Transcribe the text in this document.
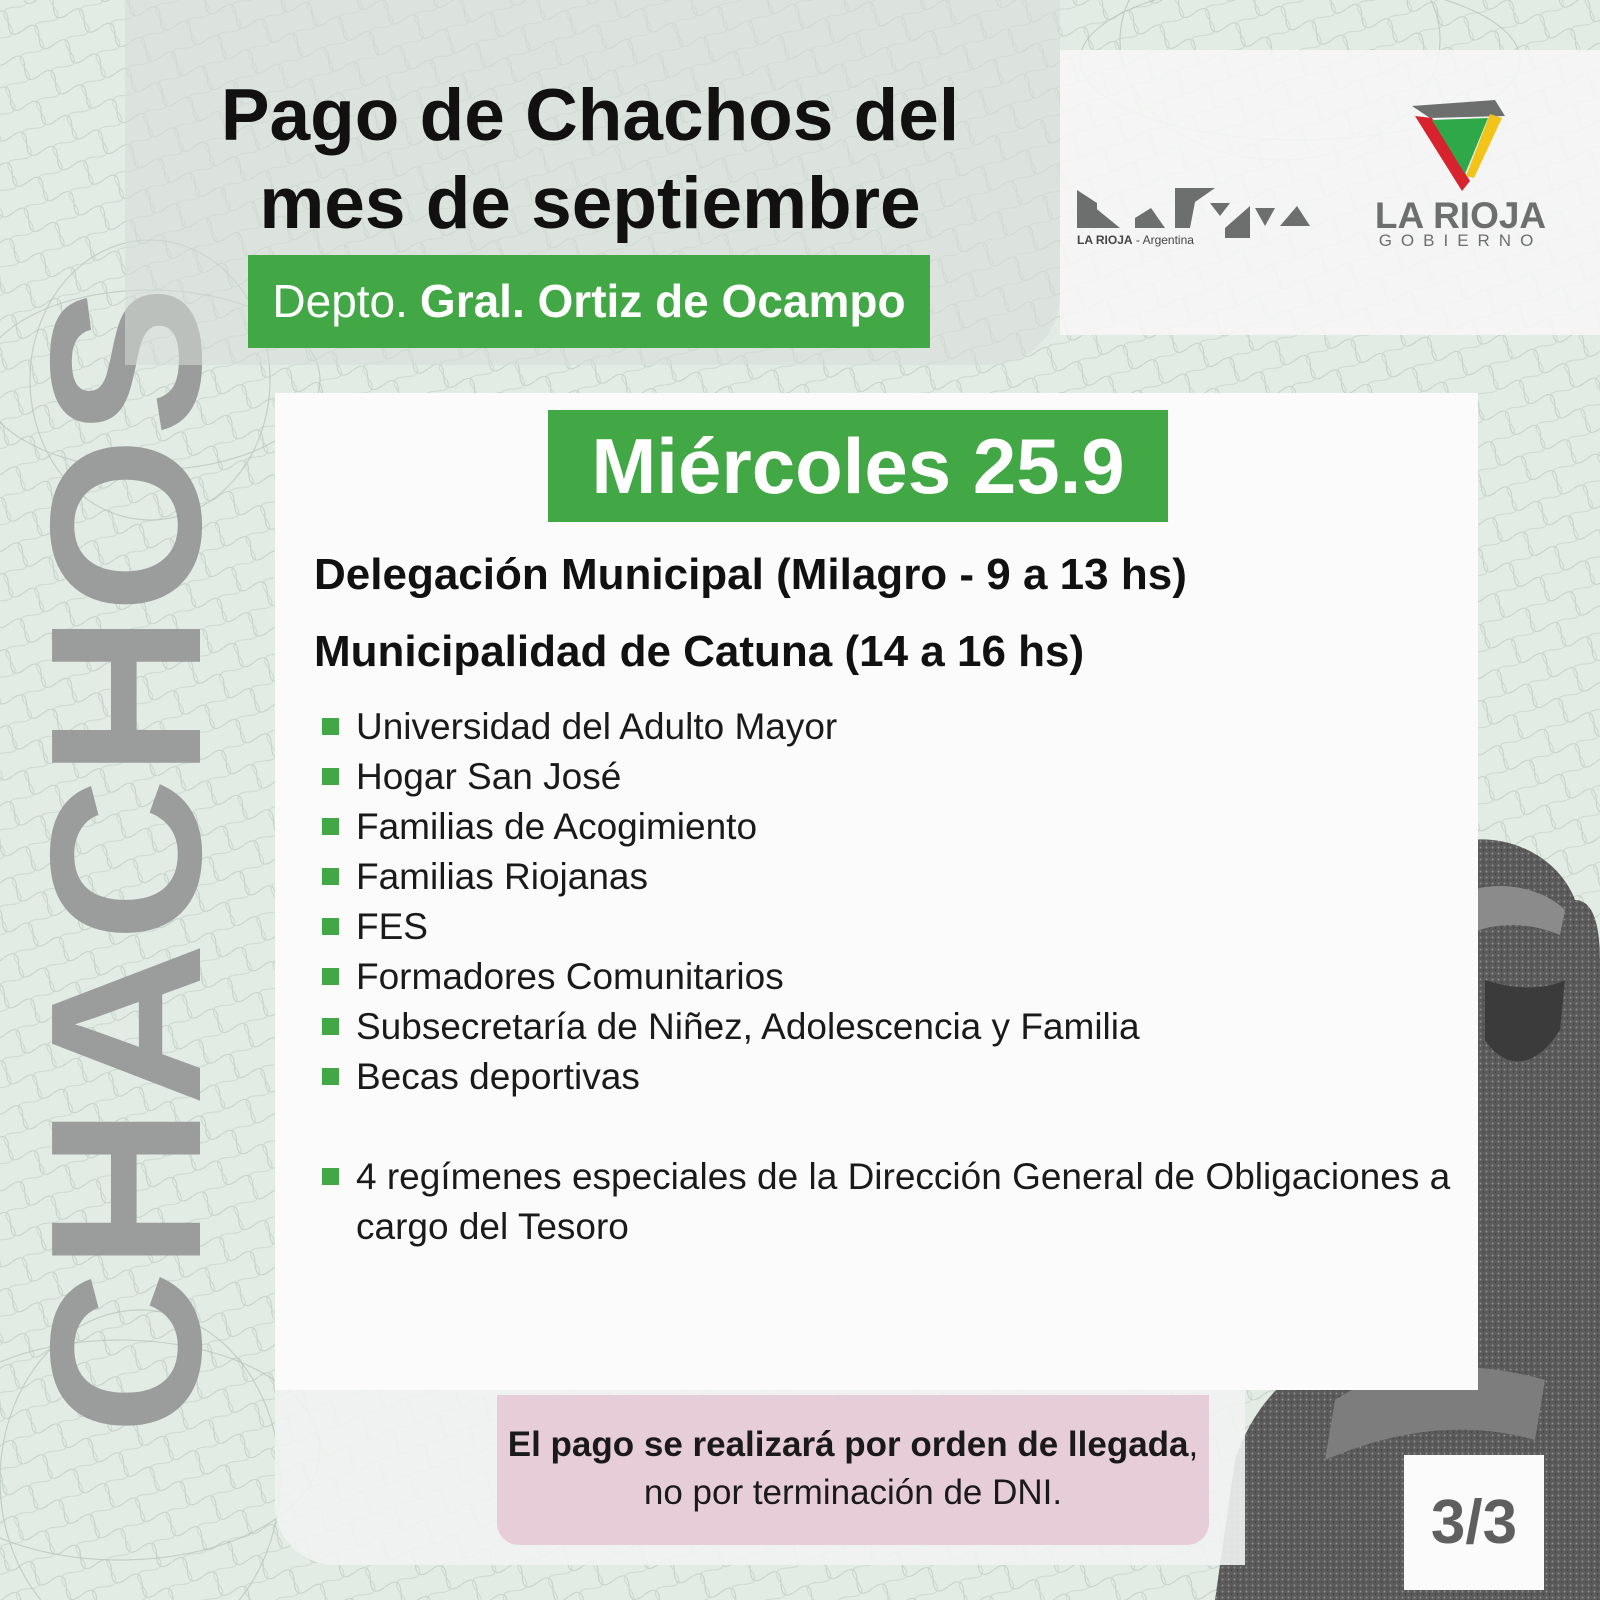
CHACHOS
Pago de Chachos del
mes de septiembre
Depto. Gral. Ortiz de Ocampo
LA RIOJA - Argentina
LA RIOJA
GOBIERNO
Miércoles 25.9
Delegación Municipal (Milagro - 9 a 13 hs)
Municipalidad de Catuna (14 a 16 hs)
Universidad del Adulto Mayor
Hogar San José
Familias de Acogimiento
Familias Riojanas
FES
Formadores Comunitarios
Subsecretaría de Niñez, Adolescencia y Familia
Becas deportivas
4 regímenes especiales de la Dirección General de Obligaciones a cargo del Tesoro
El pago se realizará por orden de llegada,
no por terminación de DNI.	3/3
